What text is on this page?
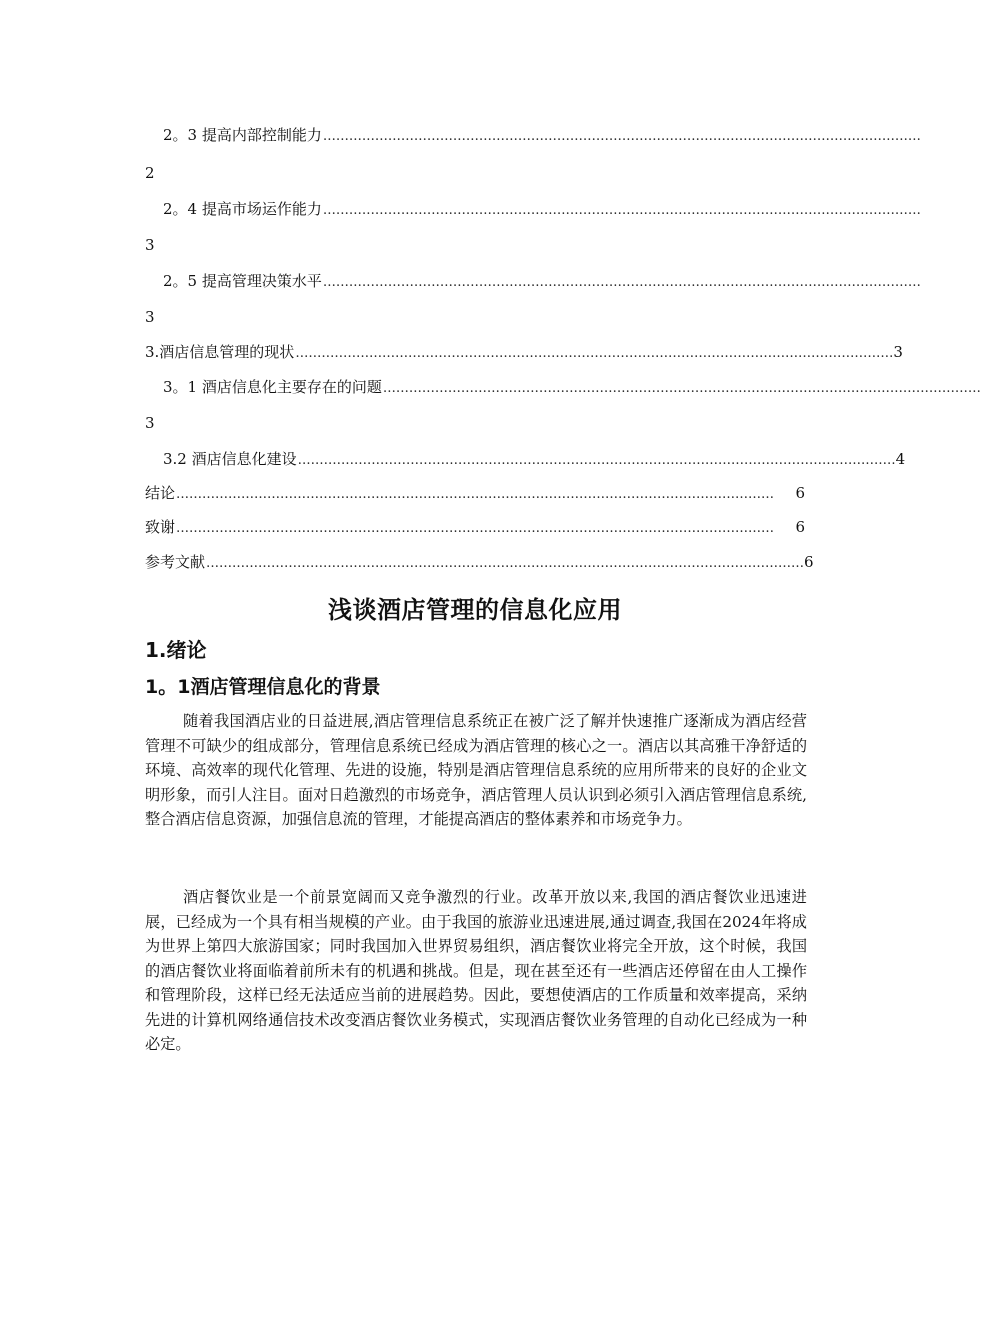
2。3 提高内部控制能力 …………………………………………………………………………………………………………………………
2
2。4 提高市场运作能力 …………………………………………………………………………………………………………………………
3
2。5 提高管理决策水平 …………………………………………………………………………………………………………………………
3
3.酒店信息管理的现状 ………………………………………………………………………………………………………………………… 3
3。1 酒店信息化主要存在的问题 …………………………………………………………………………………………………………………………
3
3.2 酒店信息化建设 ………………………………………………………………………………………………………………………… 4
结论 …………………………………………………………………………………………………………………………	6
致谢 …………………………………………………………………………………………………………………………	6
参考文献 ………………………………………………………………………………………………………………………… 6
浅谈酒店管理的信息化应用
1.绪论
1。1酒店管理信息化的背景

随着我国酒店业的日益进展,酒店管理信息系统正在被广泛了解并快速推广逐渐成为酒店经营管理不可缺少的组成部分，管理信息系统已经成为酒店管理的核心之一。酒店以其高雅干净舒适的环境、高效率的现代化管理、先进的设施，特别是酒店管理信息系统的应用所带来的良好的企业文明形象，而引人注目。面对日趋激烈的市场竞争，酒店管理人员认识到必须引入酒店管理信息系统,整合酒店信息资源，加强信息流的管理，才能提高酒店的整体素养和市场竞争力。

酒店餐饮业是一个前景宽阔而又竞争激烈的行业。改革开放以来,我国的酒店餐饮业迅速进展，已经成为一个具有相当规模的产业。由于我国的旅游业迅速进展,通过调查,我国在2024年将成为世界上第四大旅游国家；同时我国加入世界贸易组织，酒店餐饮业将完全开放，这个时候，我国的酒店餐饮业将面临着前所未有的机遇和挑战。但是，现在甚至还有一些酒店还停留在由人工操作和管理阶段，这样已经无法适应当前的进展趋势。因此，要想使酒店的工作质量和效率提高，采纳先进的计算机网络通信技术改变酒店餐饮业务模式，实现酒店餐饮业务管理的自动化已经成为一种必定。
